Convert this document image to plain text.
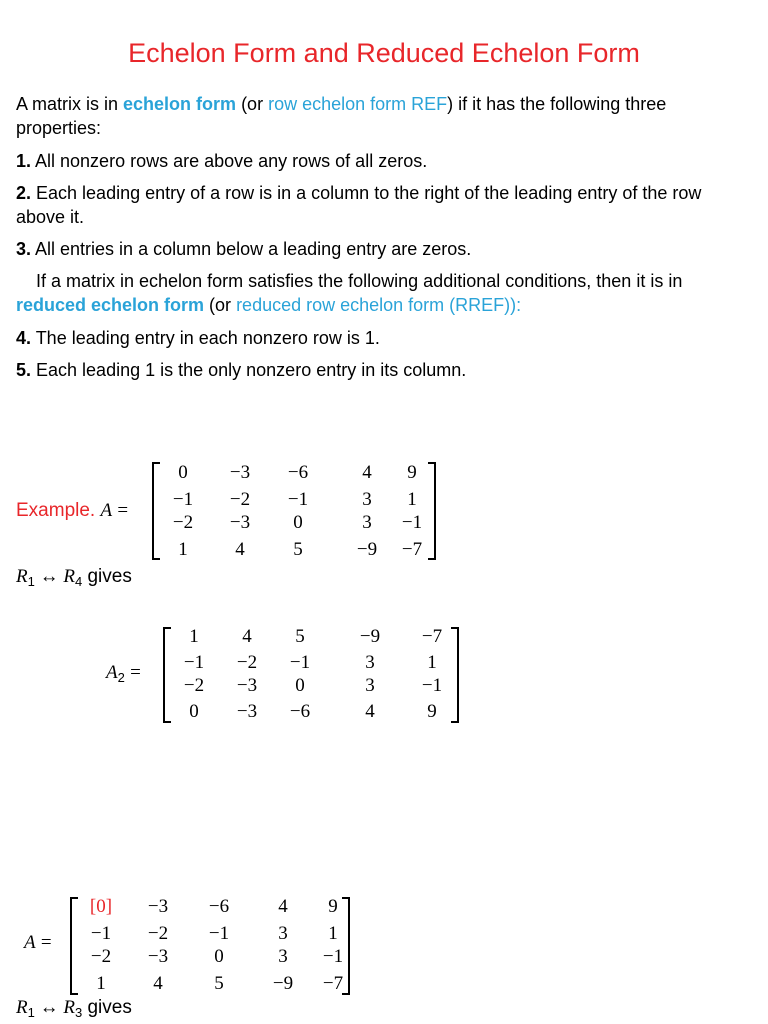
Echelon Form and Reduced Echelon Form
A matrix is in echelon form (or row echelon form REF) if it has the following three properties:
1. All nonzero rows are above any rows of all zeros.
2. Each leading entry of a row is in a column to the right of the leading entry of the row above it.
3. All entries in a column below a leading entry are zeros.
If a matrix in echelon form satisfies the following additional conditions, then it is in reduced echelon form (or reduced row echelon form (RREF)):
4. The leading entry in each nonzero row is 1.
5. Each leading 1 is the only nonzero entry in its column.
Example. A =
0	−3	−6	4	9
−1	−2	−1	3	1
−2	−3	0	3	−1
1	4	5	−9	−7
$R_1$ ↔ $R_4$ gives
$A_2$ =
1	4	5	−9	−7
−1	−2	−1	3	1
−2	−3	0	3	−1
0	−3	−6	4	9
A =
[0]	−3	−6	4	9
−1	−2	−1	3	1
−2	−3	0	3	−1
1	4	5	−9	−7
$R_1$ ↔ $R_3$ gives
